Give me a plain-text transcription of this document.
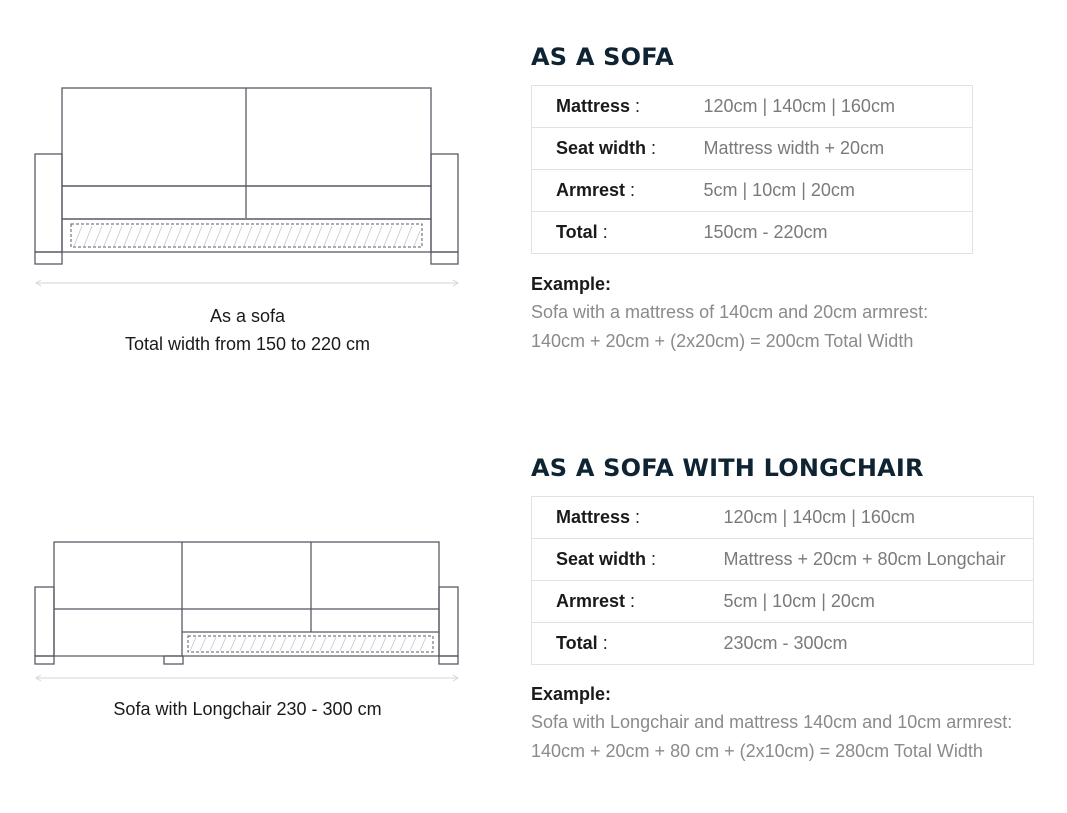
As a sofa
Total width from 150 to 220 cm
AS A SOFA
Mattress :	120cm | 140cm | 160cm
Seat width :	Mattress width + 20cm
Armrest :	5cm | 10cm | 20cm
Total :	150cm - 220cm
Example:
Sofa with a mattress of 140cm and 20cm armrest:
140cm + 20cm + (2x20cm) = 200cm Total Width
Sofa with Longchair 230 - 300 cm
AS A SOFA WITH LONGCHAIR
Mattress :	120cm | 140cm | 160cm
Seat width :	Mattress + 20cm + 80cm Longchair
Armrest :	5cm | 10cm | 20cm
Total :	230cm - 300cm
Example:
Sofa with Longchair and mattress 140cm and 10cm armrest:
140cm + 20cm + 80 cm + (2x10cm) = 280cm Total Width
